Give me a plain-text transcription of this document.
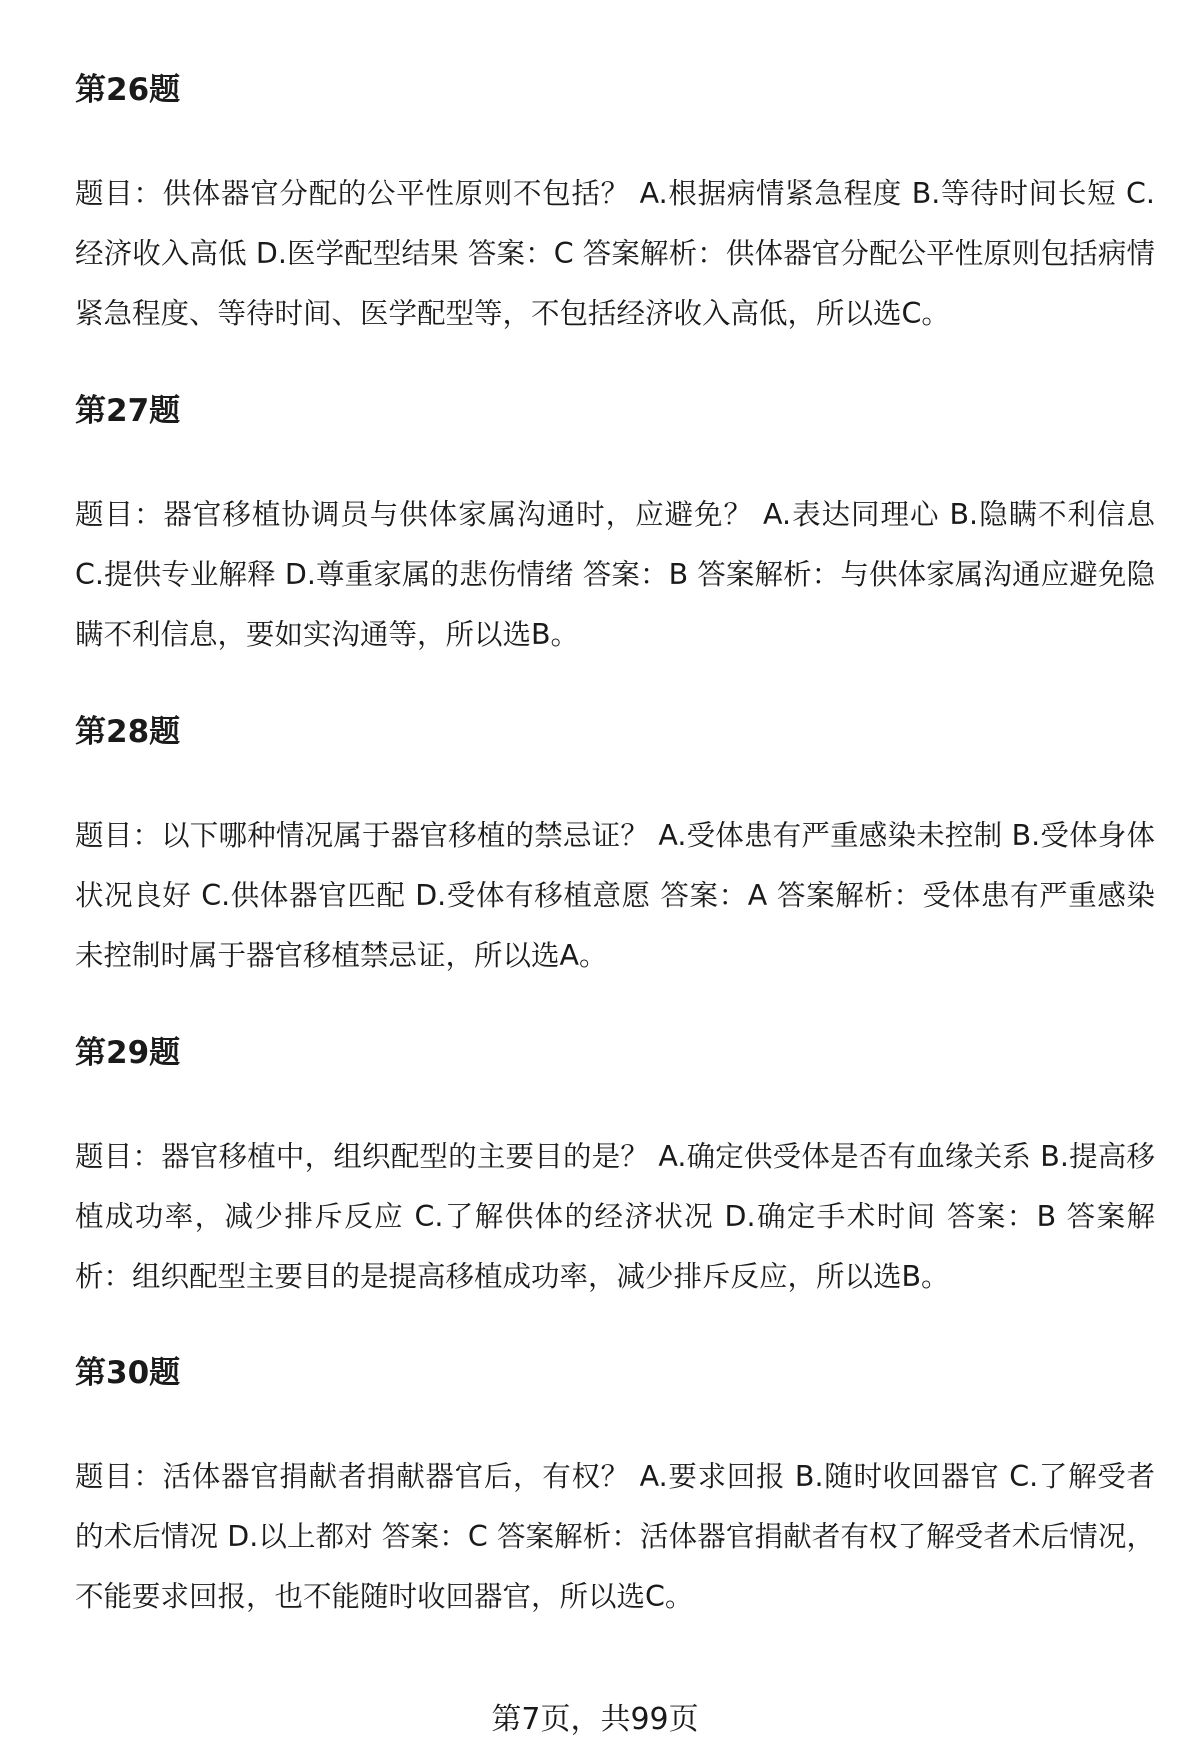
第26题

题目：供体器官分配的公平性原则不包括？ A.根据病情紧急程度 B.等待时间长短 C.经济收入高低 D.医学配型结果 答案：C 答案解析：供体器官分配公平性原则包括病情紧急程度、等待时间、医学配型等，不包括经济收入高低，所以选C。

第27题

题目：器官移植协调员与供体家属沟通时，应避免？ A.表达同理心 B.隐瞒不利信息 C.提供专业解释 D.尊重家属的悲伤情绪 答案：B 答案解析：与供体家属沟通应避免隐瞒不利信息，要如实沟通等，所以选B。

第28题

题目：以下哪种情况属于器官移植的禁忌证？ A.受体患有严重感染未控制 B.受体身体状况良好 C.供体器官匹配 D.受体有移植意愿 答案：A 答案解析：受体患有严重感染未控制时属于器官移植禁忌证，所以选A。

第29题

题目：器官移植中，组织配型的主要目的是？ A.确定供受体是否有血缘关系 B.提高移植成功率，减少排斥反应 C.了解供体的经济状况 D.确定手术时间 答案：B 答案解析：组织配型主要目的是提高移植成功率，减少排斥反应，所以选B。

第30题

题目：活体器官捐献者捐献器官后，有权？ A.要求回报 B.随时收回器官 C.了解受者的术后情况 D.以上都对 答案：C 答案解析：活体器官捐献者有权了解受者术后情况，不能要求回报，也不能随时收回器官，所以选C。

第7页，共99页
